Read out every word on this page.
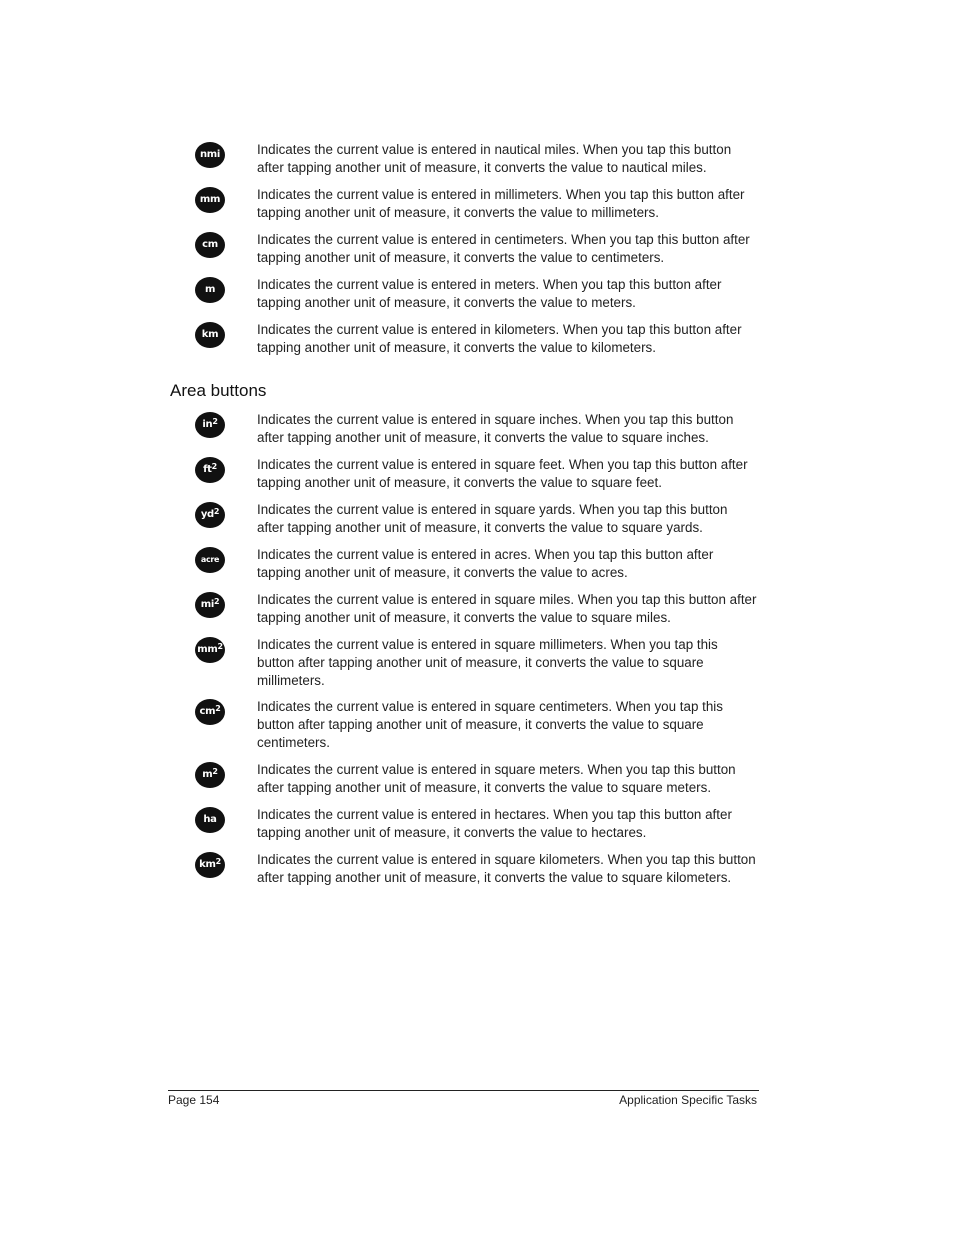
nmi	Indicates the current value is entered in nautical miles. When you tap this button after tapping another unit of measure, it converts the value to nautical miles.
mm	Indicates the current value is entered in millimeters. When you tap this button after tapping another unit of measure, it converts the value to millimeters.
cm	Indicates the current value is entered in centimeters. When you tap this button after tapping another unit of measure, it converts the value to centimeters.
m	Indicates the current value is entered in meters. When you tap this button after tapping another unit of measure, it converts the value to meters.
km	Indicates the current value is entered in kilometers. When you tap this button after tapping another unit of measure, it converts the value to kilometers.
Area buttons
$in^2$	Indicates the current value is entered in square inches. When you tap this button after tapping another unit of measure, it converts the value to square inches.
$ft^2$	Indicates the current value is entered in square feet. When you tap this button after tapping another unit of measure, it converts the value to square feet.
$yd^2$	Indicates the current value is entered in square yards. When you tap this button after tapping another unit of measure, it converts the value to square yards.
acre	Indicates the current value is entered in acres. When you tap this button after tapping another unit of measure, it converts the value to acres.
$mi^2$	Indicates the current value is entered in square miles. When you tap this button after tapping another unit of measure, it converts the value to square miles.
$mm^2$	Indicates the current value is entered in square millimeters. When you tap this button after tapping another unit of measure, it converts the value to square millimeters.
$cm^2$	Indicates the current value is entered in square centimeters. When you tap this button after tapping another unit of measure, it converts the value to square centimeters.
$m^2$	Indicates the current value is entered in square meters. When you tap this button after tapping another unit of measure, it converts the value to square meters.
ha	Indicates the current value is entered in hectares. When you tap this button after tapping another unit of measure, it converts the value to hectares.
$km^2$	Indicates the current value is entered in square kilometers. When you tap this button after tapping another unit of measure, it converts the value to square kilometers.
Page 154	Application Specific Tasks
